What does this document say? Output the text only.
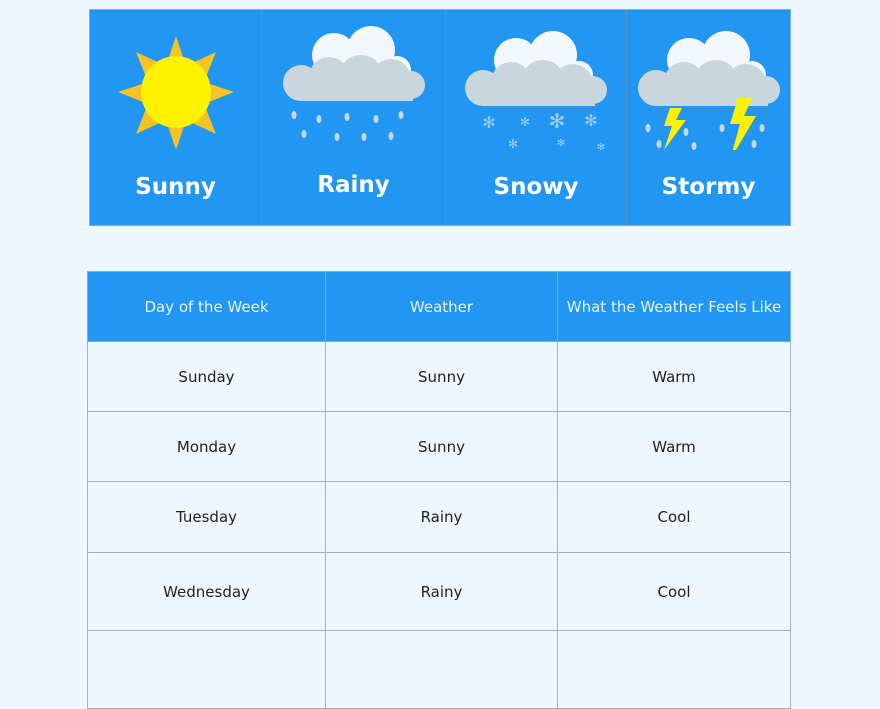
Sunny	Rainy
✻ ✻ ✻ ✻
✻	✻	✻
Snowy	Stormy
Day of the Week	Weather	What the Weather Feels Like
Sunday	Sunny	Warm
Monday	Sunny	Warm
Tuesday	Rainy	Cool
Wednesday	Rainy	Cool
